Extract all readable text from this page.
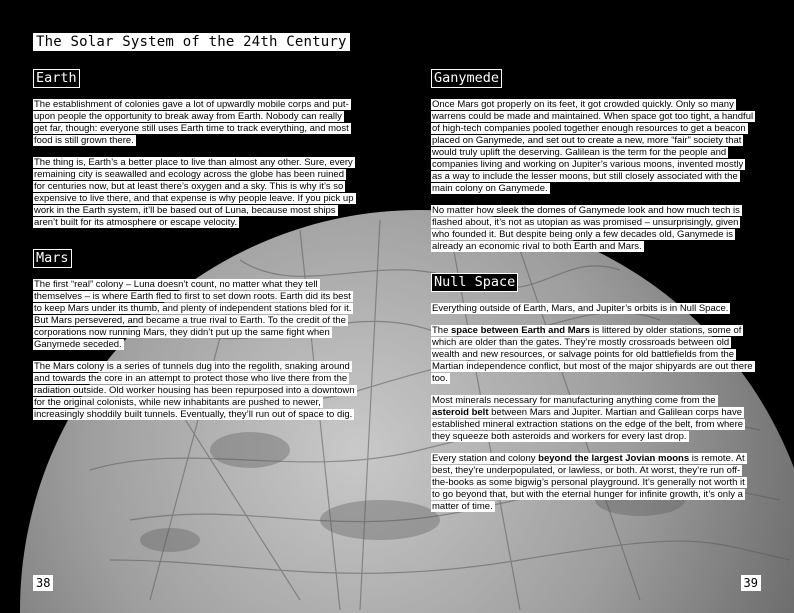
The Solar System of the 24th Century
Earth

The establishment of colonies gave a lot of upwardly mobile corps and put-upon people the opportunity to break away from Earth. Nobody can really get far, though: everyone still uses Earth time to track everything, and most food is still grown there.

The thing is, Earth’s a better place to live than almost any other. Sure, every remaining city is seawalled and ecology across the globe has been ruined for centuries now, but at least there’s oxygen and a sky. This is why it’s so expensive to live there, and that expense is why people leave. If you pick up work in the Earth system, it’ll be based out of Luna, because most ships aren’t built for its atmosphere or escape velocity.

Mars

The first “real” colony – Luna doesn’t count, no matter what they tell themselves – is where Earth fled to first to set down roots. Earth did its best to keep Mars under its thumb, and plenty of independent stations bled for it. But Mars persevered, and became a true rival to Earth. To the credit of the corporations now running Mars, they didn’t put up the same fight when Ganymede seceded.

The Mars colony is a series of tunnels dug into the regolith, snaking around and towards the core in an attempt to protect those who live there from the radiation outside. Old worker housing has been repurposed into a downtown for the original colonists, while new inhabitants are pushed to newer, increasingly shoddily built tunnels. Eventually, they’ll run out of space to dig.

Ganymede

Once Mars got properly on its feet, it got crowded quickly. Only so many warrens could be made and maintained. When space got too tight, a handful of high-tech companies pooled together enough resources to get a beacon placed on Ganymede, and set out to create a new, more “fair” society that would truly uplift the deserving. Galilean is the term for the people and companies living and working on Jupiter’s various moons, invented mostly as a way to include the lesser moons, but still closely associated with the main colony on Ganymede.

No matter how sleek the domes of Ganymede look and how much tech is flashed about, it’s not as utopian as was promised – unsurprisingly, given who founded it. But despite being only a few decades old, Ganymede is already an economic rival to both Earth and Mars.

Null Space

Everything outside of Earth, Mars, and Jupiter’s orbits is in Null Space.

The space between Earth and Mars is littered by older stations, some of which are older than the gates. They’re mostly crossroads between old wealth and new resources, or salvage points for old battlefields from the Martian independence conflict, but most of the major shipyards are out there too.

Most minerals necessary for manufacturing anything come from the asteroid belt between Mars and Jupiter. Martian and Galilean corps have established mineral extraction stations on the edge of the belt, from where they squeeze both asteroids and workers for every last drop.

Every station and colony beyond the largest Jovian moons is remote. At best, they’re underpopulated, or lawless, or both. At worst, they’re run off-the-books as some bigwig’s personal playground. It’s generally not worth it to go beyond that, but with the eternal hunger for infinite growth, it’s only a matter of time.

38	39
